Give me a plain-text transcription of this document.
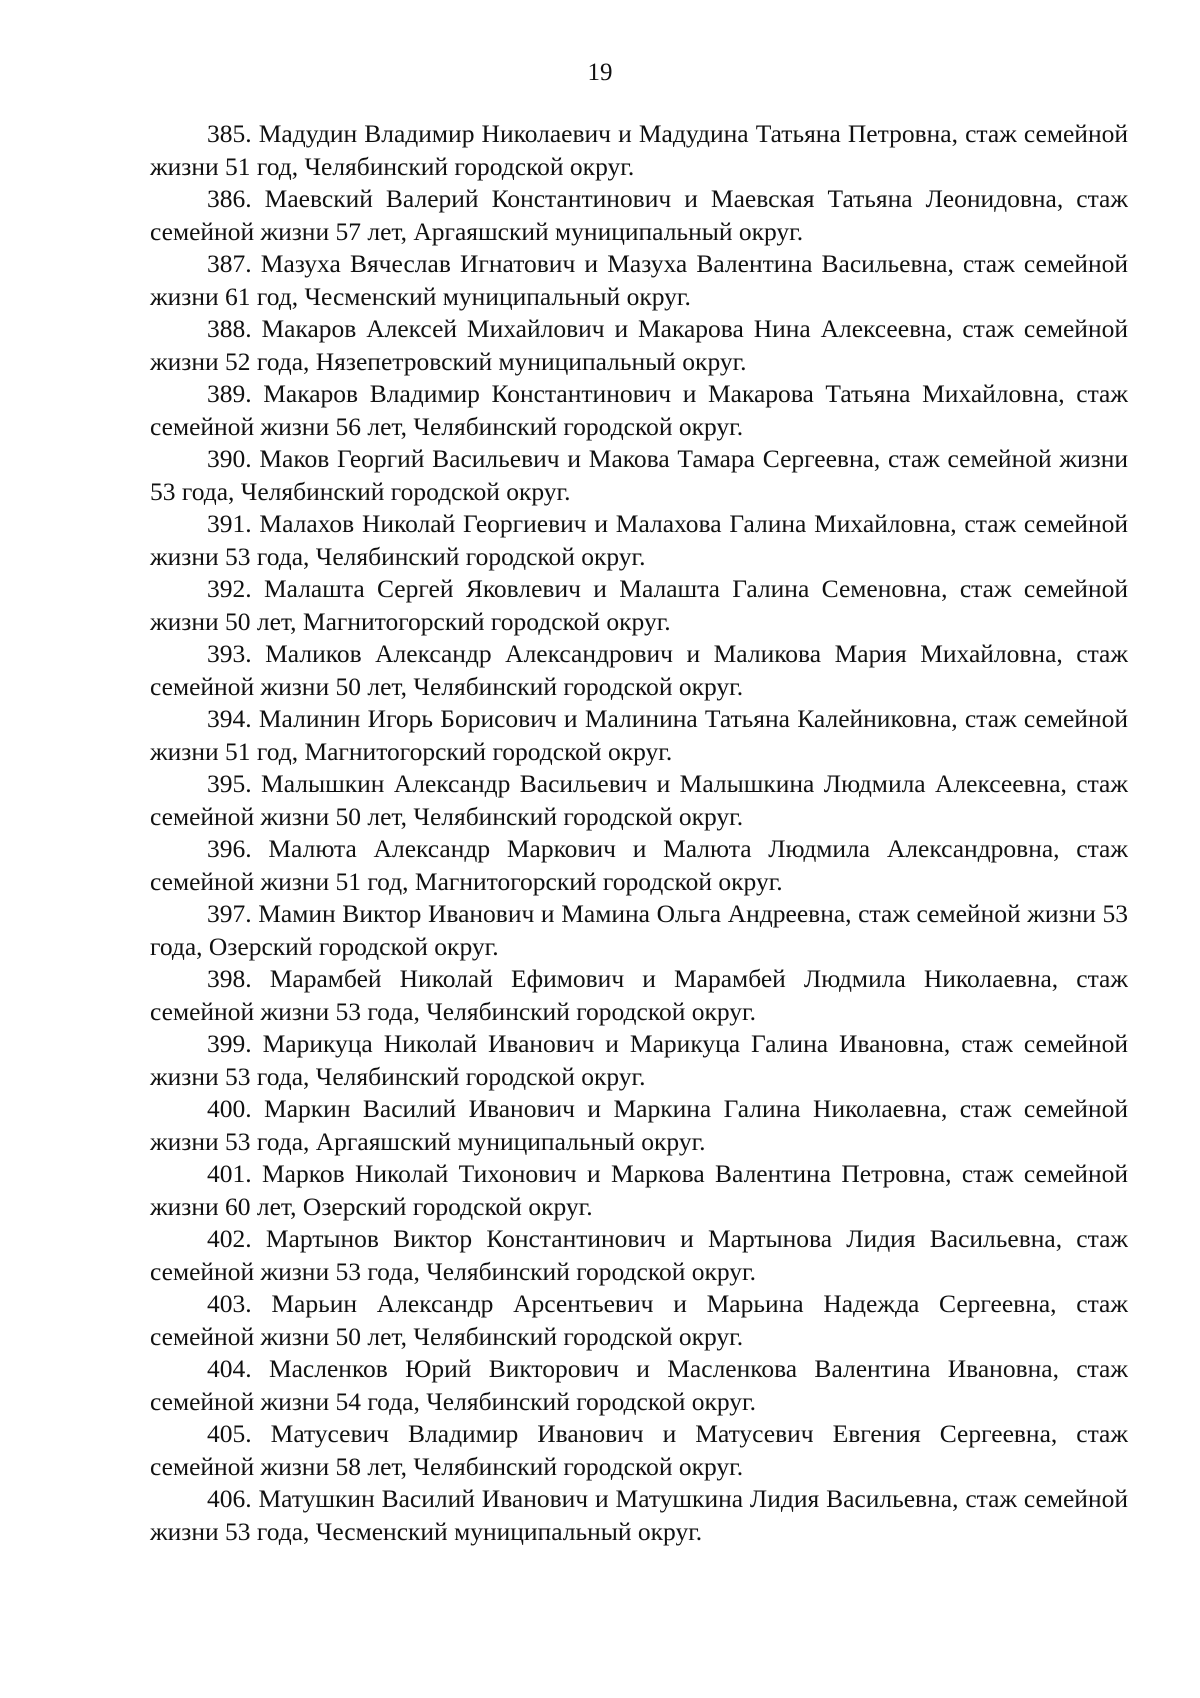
19

385. Мадудин Владимир Николаевич и Мадудина Татьяна Петровна, стаж семейной жизни 51 год, Челябинский городской округ.

386. Маевский Валерий Константинович и Маевская Татьяна Леонидовна, стаж семейной жизни 57 лет, Аргаяшский муниципальный округ.

387. Мазуха Вячеслав Игнатович и Мазуха Валентина Васильевна, стаж семейной жизни 61 год, Чесменский муниципальный округ.

388. Макаров Алексей Михайлович и Макарова Нина Алексеевна, стаж семейной жизни 52 года, Нязепетровский муниципальный округ.

389. Макаров Владимир Константинович и Макарова Татьяна Михайловна, стаж семейной жизни 56 лет, Челябинский городской округ.

390. Маков Георгий Васильевич и Макова Тамара Сергеевна, стаж семейной жизни 53 года, Челябинский городской округ.

391. Малахов Николай Георгиевич и Малахова Галина Михайловна, стаж семейной жизни 53 года, Челябинский городской округ.

392. Малашта Сергей Яковлевич и Малашта Галина Семеновна, стаж семейной жизни 50 лет, Магнитогорский городской округ.

393. Маликов Александр Александрович и Маликова Мария Михайловна, стаж семейной жизни 50 лет, Челябинский городской округ.

394. Малинин Игорь Борисович и Малинина Татьяна Калейниковна, стаж семейной жизни 51 год, Магнитогорский городской округ.

395. Малышкин Александр Васильевич и Малышкина Людмила Алексеевна, стаж семейной жизни 50 лет, Челябинский городской округ.

396. Малюта Александр Маркович и Малюта Людмила Александровна, стаж семейной жизни 51 год, Магнитогорский городской округ.

397. Мамин Виктор Иванович и Мамина Ольга Андреевна, стаж семейной жизни 53 года, Озерский городской округ.

398. Марамбей Николай Ефимович и Марамбей Людмила Николаевна, стаж семейной жизни 53 года, Челябинский городской округ.

399. Марикуца Николай Иванович и Марикуца Галина Ивановна, стаж семейной жизни 53 года, Челябинский городской округ.

400. Маркин Василий Иванович и Маркина Галина Николаевна, стаж семейной жизни 53 года, Аргаяшский муниципальный округ.

401. Марков Николай Тихонович и Маркова Валентина Петровна, стаж семейной жизни 60 лет, Озерский городской округ.

402. Мартынов Виктор Константинович и Мартынова Лидия Васильевна, стаж семейной жизни 53 года, Челябинский городской округ.

403. Марьин Александр Арсентьевич и Марьина Надежда Сергеевна, стаж семейной жизни 50 лет, Челябинский городской округ.

404. Масленков Юрий Викторович и Масленкова Валентина Ивановна, стаж семейной жизни 54 года, Челябинский городской округ.

405. Матусевич Владимир Иванович и Матусевич Евгения Сергеевна, стаж семейной жизни 58 лет, Челябинский городской округ.

406. Матушкин Василий Иванович и Матушкина Лидия Васильевна, стаж семейной жизни 53 года, Чесменский муниципальный округ.
